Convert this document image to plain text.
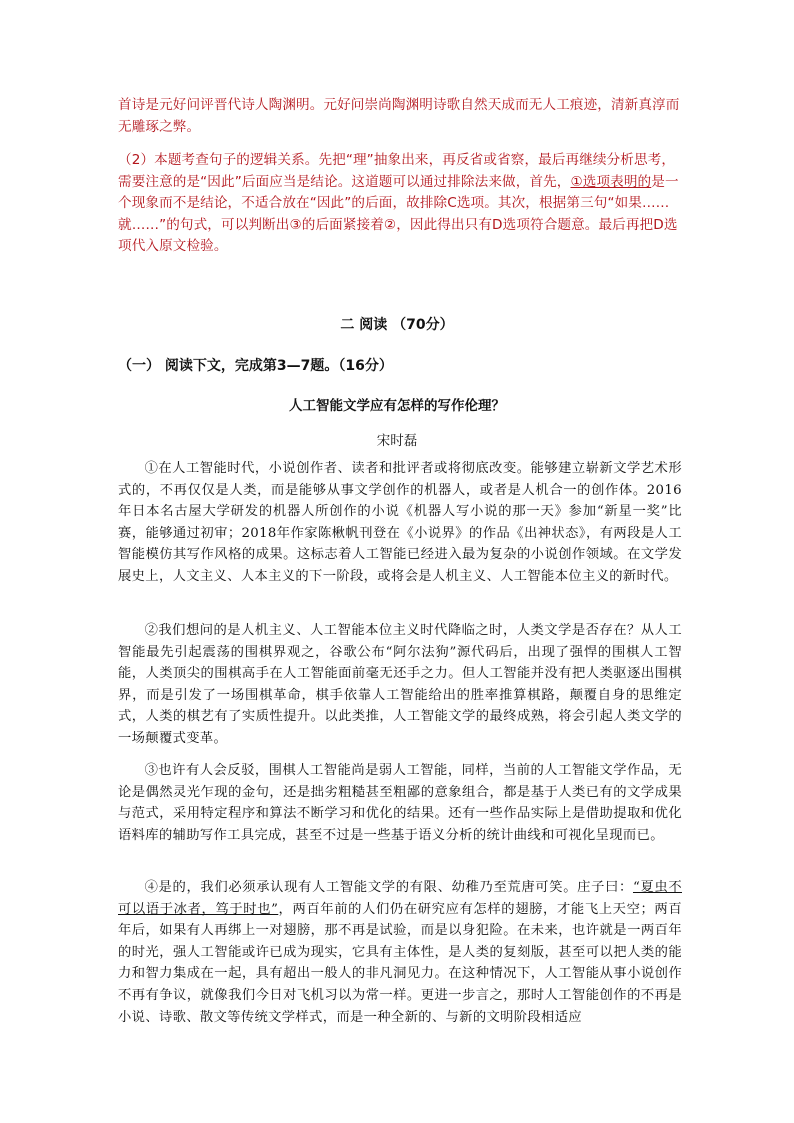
首诗是元好问评晋代诗人陶渊明。元好问崇尚陶渊明诗歌自然天成而无人工痕迹，清新真淳而无雕琢之弊。
（2）本题考查句子的逻辑关系。先把“理”抽象出来，再反省或省察，最后再继续分析思考，需要注意的是“因此”后面应当是结论。这道题可以通过排除法来做，首先，①选项表明的是一个现象而不是结论，不适合放在“因此”的后面，故排除C选项。其次，根据第三句“如果……就……”的句式，可以判断出③的后面紧接着②，因此得出只有D选项符合题意。最后再把D选项代入原文检验。
二 阅读 （70分）
（一） 阅读下文，完成第3—7题。（16分）
人工智能文学应有怎样的写作伦理？
宋时磊
①在人工智能时代，小说创作者、读者和批评者或将彻底改变。能够建立崭新文学艺术形式的，不再仅仅是人类，而是能够从事文学创作的机器人，或者是人机合一的创作体。2016年日本名古屋大学研发的机器人所创作的小说《机器人写小说的那一天》参加“新星一奖”比赛，能够通过初审；2018年作家陈楸帆刊登在《小说界》的作品《出神状态》，有两段是人工智能模仿其写作风格的成果。这标志着人工智能已经进入最为复杂的小说创作领域。在文学发展史上，人文主义、人本主义的下一阶段，或将会是人机主义、人工智能本位主义的新时代。
②我们想问的是人机主义、人工智能本位主义时代降临之时，人类文学是否存在？从人工智能最先引起震荡的围棋界观之，谷歌公布“阿尔法狗”源代码后，出现了强悍的围棋人工智能，人类顶尖的围棋高手在人工智能面前毫无还手之力。但人工智能并没有把人类驱逐出围棋界，而是引发了一场围棋革命，棋手依靠人工智能给出的胜率推算棋路，颠覆自身的思维定式，人类的棋艺有了实质性提升。以此类推，人工智能文学的最终成熟，将会引起人类文学的一场颠覆式变革。
③也许有人会反驳，围棋人工智能尚是弱人工智能，同样，当前的人工智能文学作品，无论是偶然灵光乍现的金句，还是拙劣粗糙甚至粗鄙的意象组合，都是基于人类已有的文学成果与范式，采用特定程序和算法不断学习和优化的结果。还有一些作品实际上是借助提取和优化语料库的辅助写作工具完成，甚至不过是一些基于语义分析的统计曲线和可视化呈现而已。
④是的，我们必须承认现有人工智能文学的有限、幼稚乃至荒唐可笑。庄子曰：“夏虫不可以语于冰者，笃于时也”，两百年前的人们仍在研究应有怎样的翅膀，才能飞上天空；两百年后，如果有人再绑上一对翅膀，那不再是试验，而是以身犯险。在未来，也许就是一两百年的时光，强人工智能或许已成为现实，它具有主体性，是人类的复刻版，甚至可以把人类的能力和智力集成在一起，具有超出一般人的非凡洞见力。在这种情况下，人工智能从事小说创作不再有争议，就像我们今日对飞机习以为常一样。更进一步言之，那时人工智能创作的不再是小说、诗歌、散文等传统文学样式，而是一种全新的、与新的文明阶段相适应
